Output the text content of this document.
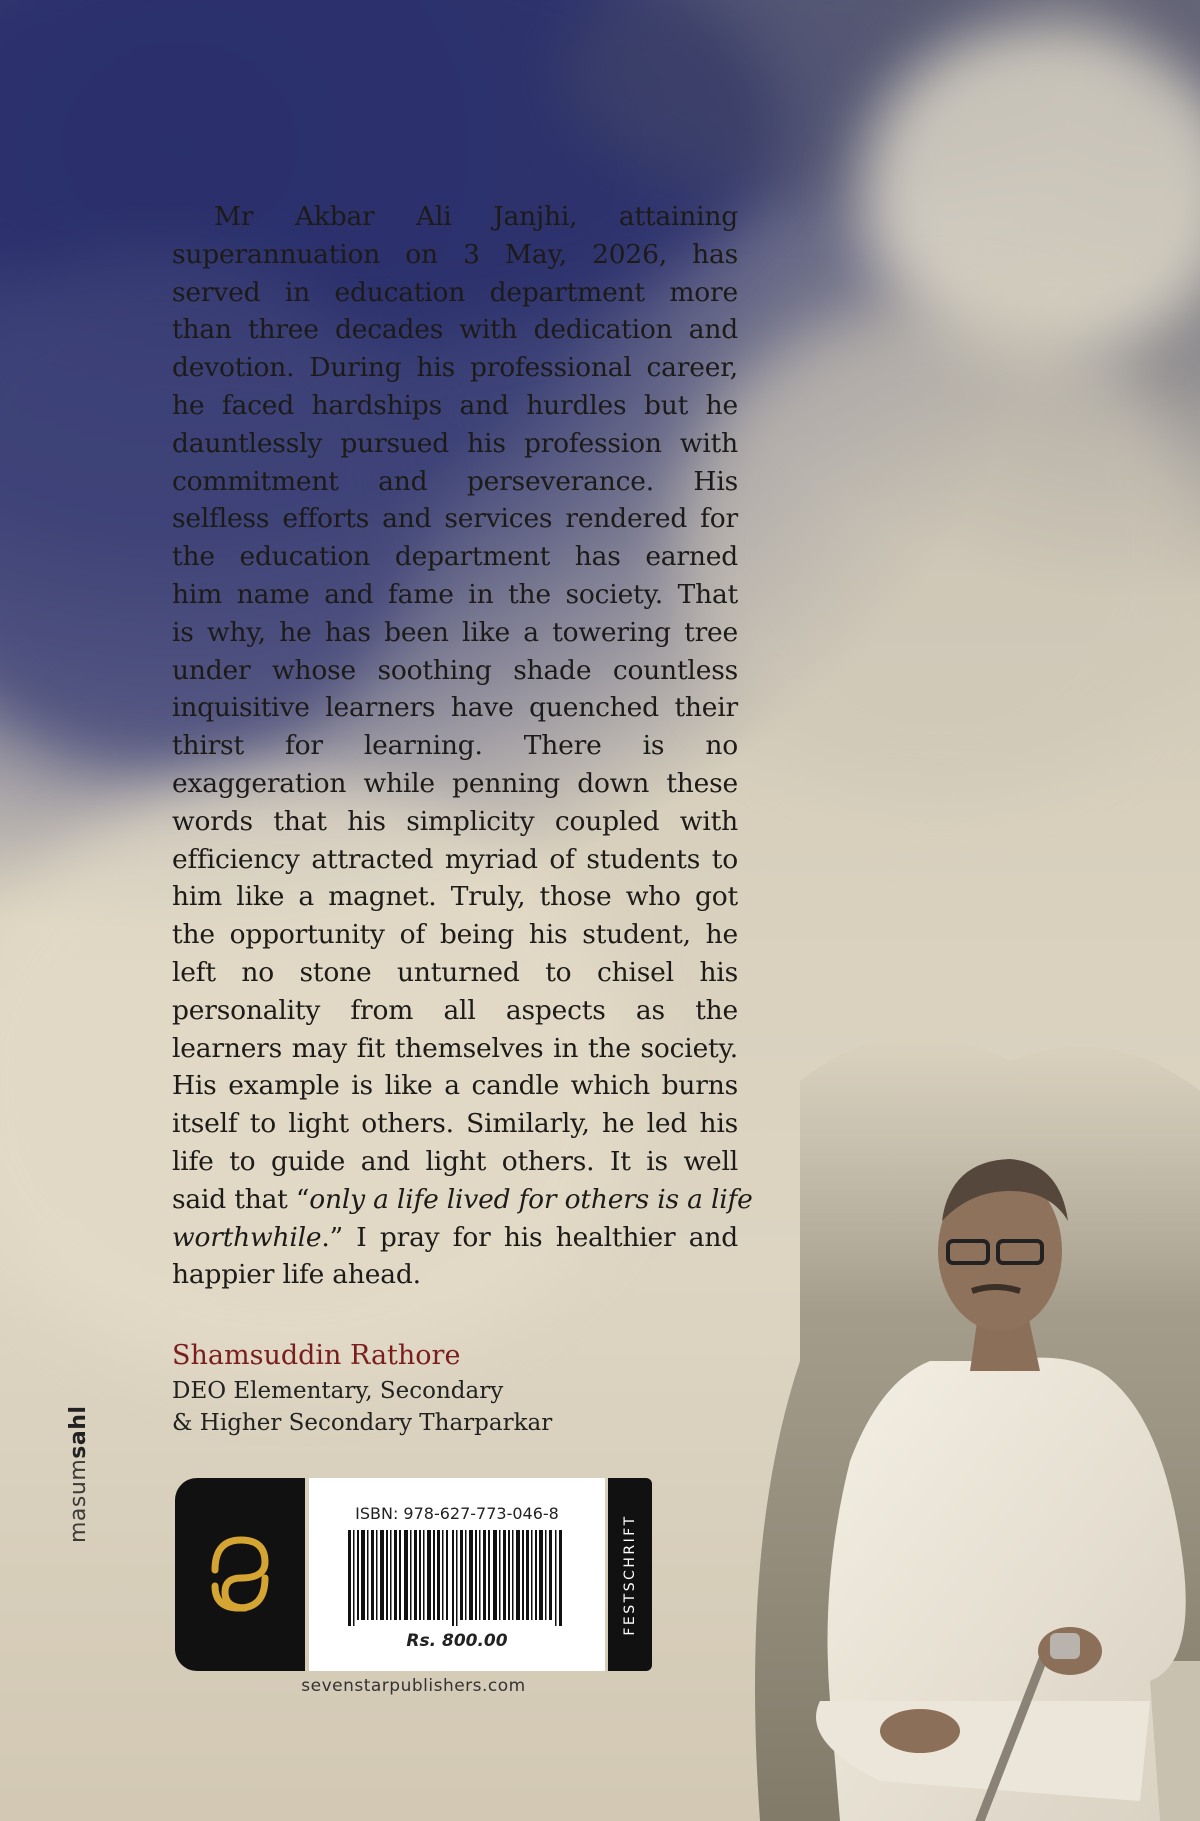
Mr Akbar Ali Janjhi, attaining
superannuation on 3 May, 2026, has
served in education department more
than three decades with dedication and
devotion. During his professional career,
he faced hardships and hurdles but he
dauntlessly pursued his profession with
commitment and perseverance. His
selfless efforts and services rendered for
the education department has earned
him name and fame in the society. That
is why, he has been like a towering tree
under whose soothing shade countless
inquisitive learners have quenched their
thirst for learning. There is no
exaggeration while penning down these
words that his simplicity coupled with
efficiency attracted myriad of students to
him like a magnet. Truly, those who got
the opportunity of being his student, he
left no stone unturned to chisel his
personality from all aspects as the
learners may fit themselves in the society.
His example is like a candle which burns
itself to light others. Similarly, he led his
life to guide and light others. It is well
said that “only a life lived for others is a life
worthwhile.” I pray for his healthier and
happier life ahead.
Shamsuddin Rathore
DEO Elementary, Secondary
& Higher Secondary Tharparkar
masumsahl
ISBN: 978-627-773-046-8
Rs. 800.00
FESTSCHRIFT
sevenstarpublishers.com
